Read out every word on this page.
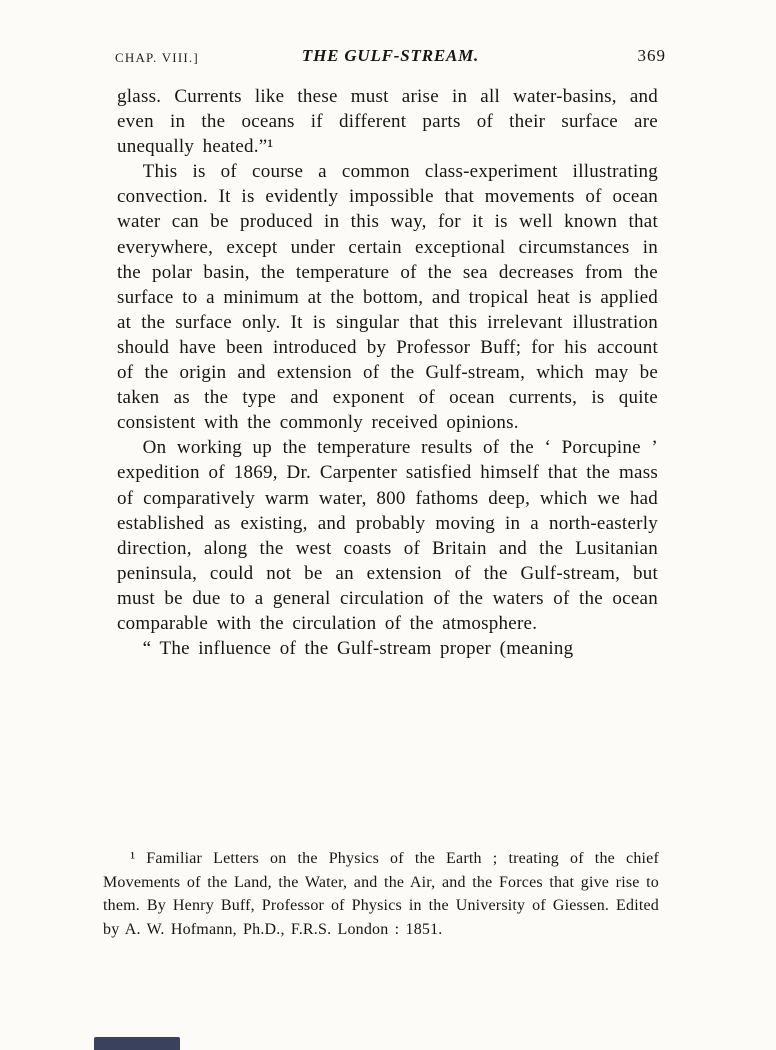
CHAP. VIII.]	THE GULF-STREAM.	369

glass. Currents like these must arise in all water-basins, and even in the oceans if different parts of their surface are unequally heated.”¹

This is of course a common class-experiment illustrating convection. It is evidently impossible that movements of ocean water can be produced in this way, for it is well known that everywhere, except under certain exceptional circumstances in the polar basin, the temperature of the sea decreases from the surface to a minimum at the bottom, and tropical heat is applied at the surface only. It is singular that this irrelevant illustration should have been introduced by Professor Buff; for his account of the origin and extension of the Gulf-stream, which may be taken as the type and exponent of ocean currents, is quite consistent with the commonly received opinions.

On working up the temperature results of the ‘ Porcupine ’ expedition of 1869, Dr. Carpenter satisfied himself that the mass of comparatively warm water, 800 fathoms deep, which we had established as existing, and probably moving in a north-easterly direction, along the west coasts of Britain and the Lusitanian peninsula, could not be an extension of the Gulf-stream, but must be due to a general circulation of the waters of the ocean comparable with the circulation of the atmosphere.

“ The influence of the Gulf-stream proper (meaning

¹ Familiar Letters on the Physics of the Earth ; treating of the chief Movements of the Land, the Water, and the Air, and the Forces that give rise to them. By Henry Buff, Professor of Physics in the University of Giessen. Edited by A. W. Hofmann, Ph.D., F.R.S. London : 1851.
